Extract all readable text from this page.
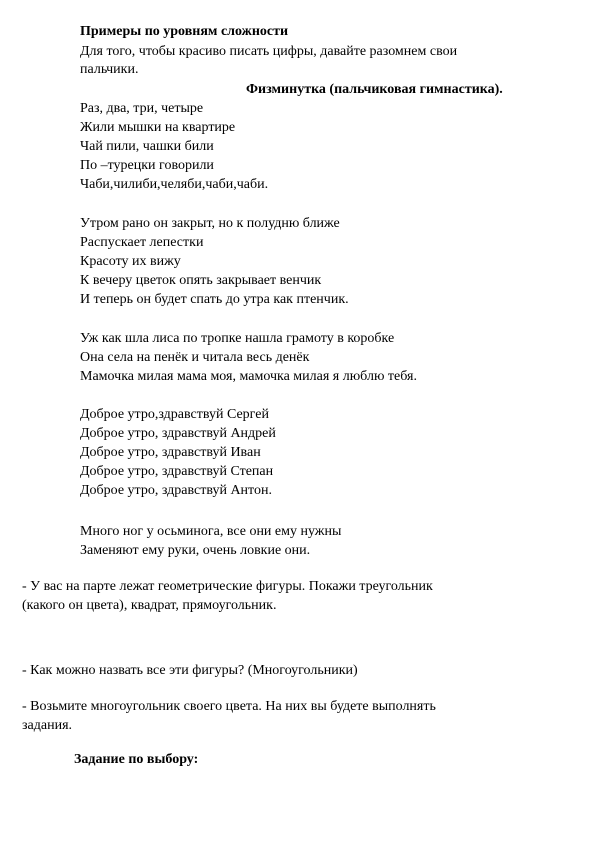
Примеры по уровням сложности
Для того, чтобы красиво писать цифры, давайте разомнем свои
пальчики.
Физминутка (пальчиковая гимнастика).
Раз, два, три, четыре
Жили мышки на квартире
Чай пили, чашки били
По –турецки говорили
Чаби,чилиби,челяби,чаби,чаби.
Утром рано он закрыт, но к полудню ближе
Распускает лепестки
Красоту их вижу
К вечеру цветок опять закрывает венчик
И теперь он будет спать до утра как птенчик.
Уж как шла лиса по тропке нашла грамоту в коробке
Она села на пенёк и читала весь денёк
Мамочка милая мама моя, мамочка милая я люблю тебя.
Доброе утро,здравствуй Сергей
Доброе утро, здравствуй Андрей
Доброе утро, здравствуй Иван
Доброе утро, здравствуй Степан
Доброе утро, здравствуй Антон.
Много ног у осьминога, все они ему нужны
Заменяют ему руки, очень ловкие они.
- У вас на парте лежат геометрические фигуры. Покажи треугольник
(какого он цвета), квадрат, прямоугольник.
- Как можно назвать все эти фигуры? (Многоугольники)
- Возьмите многоугольник своего цвета. На них вы будете выполнять
задания.
Задание по выбору:
